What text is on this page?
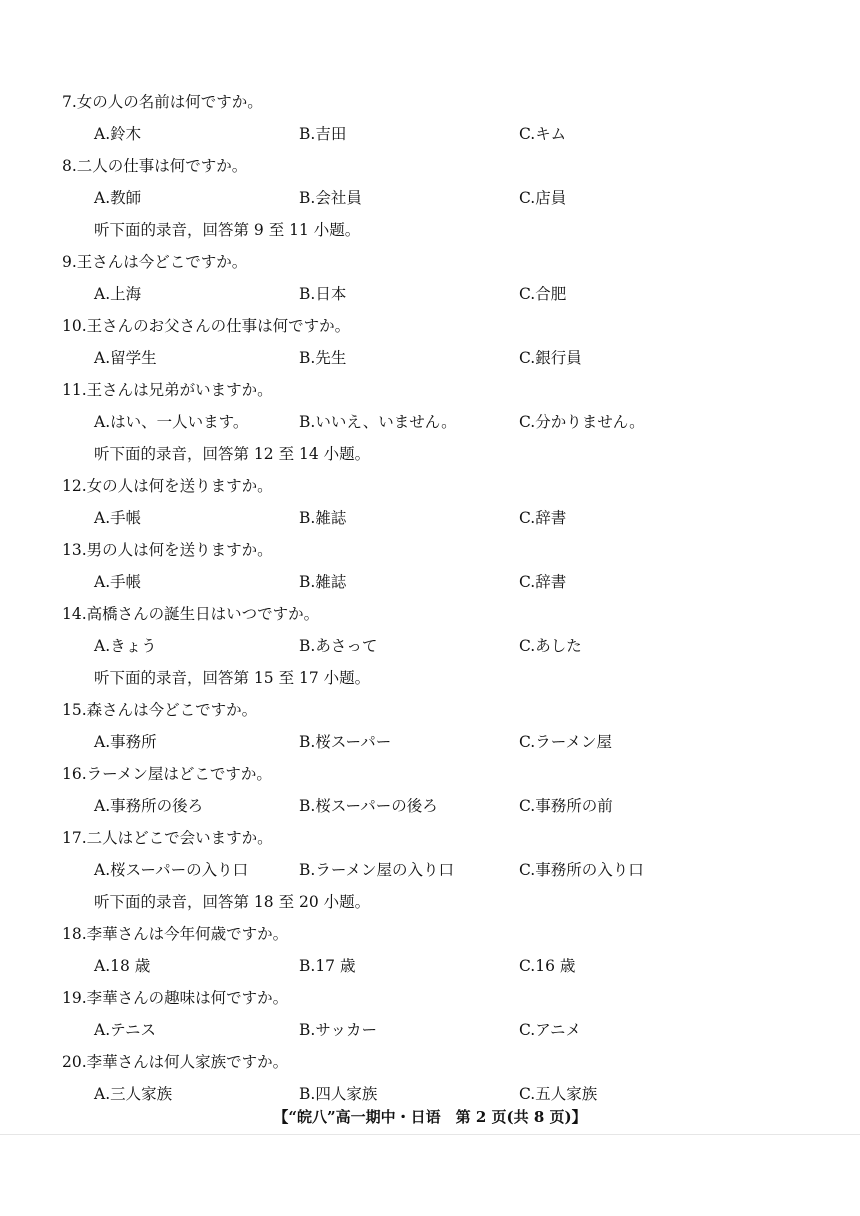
7.女の人の名前は何ですか。
A.鈴木	B.吉田	C.キム
8.二人の仕事は何ですか。
A.教師	B.会社員	C.店員
听下面的录音，回答第 9 至 11 小题。
9.王さんは今どこですか。
A.上海	B.日本	C.合肥
10.王さんのお父さんの仕事は何ですか。
A.留学生	B.先生	C.銀行員
11.王さんは兄弟がいますか。
A.はい、一人います。	B.いいえ、いません。	C.分かりません。
听下面的录音，回答第 12 至 14 小题。
12.女の人は何を送りますか。
A.手帳	B.雑誌	C.辞書
13.男の人は何を送りますか。
A.手帳	B.雑誌	C.辞書
14.高橋さんの誕生日はいつですか。
A.きょう	B.あさって	C.あした
听下面的录音，回答第 15 至 17 小题。
15.森さんは今どこですか。
A.事務所	B.桜スーパー	C.ラーメン屋
16.ラーメン屋はどこですか。
A.事務所の後ろ	B.桜スーパーの後ろ	C.事務所の前
17.二人はどこで会いますか。
A.桜スーパーの入り口	B.ラーメン屋の入り口	C.事務所の入り口
听下面的录音，回答第 18 至 20 小题。
18.李華さんは今年何歳ですか。
A.18 歳	B.17 歳	C.16 歳
19.李華さんの趣味は何ですか。
A.テニス	B.サッカー	C.アニメ
20.李華さんは何人家族ですか。
A.三人家族	B.四人家族	C.五人家族
【“皖八”高一期中・日语　第 2 页(共 8 页)】
